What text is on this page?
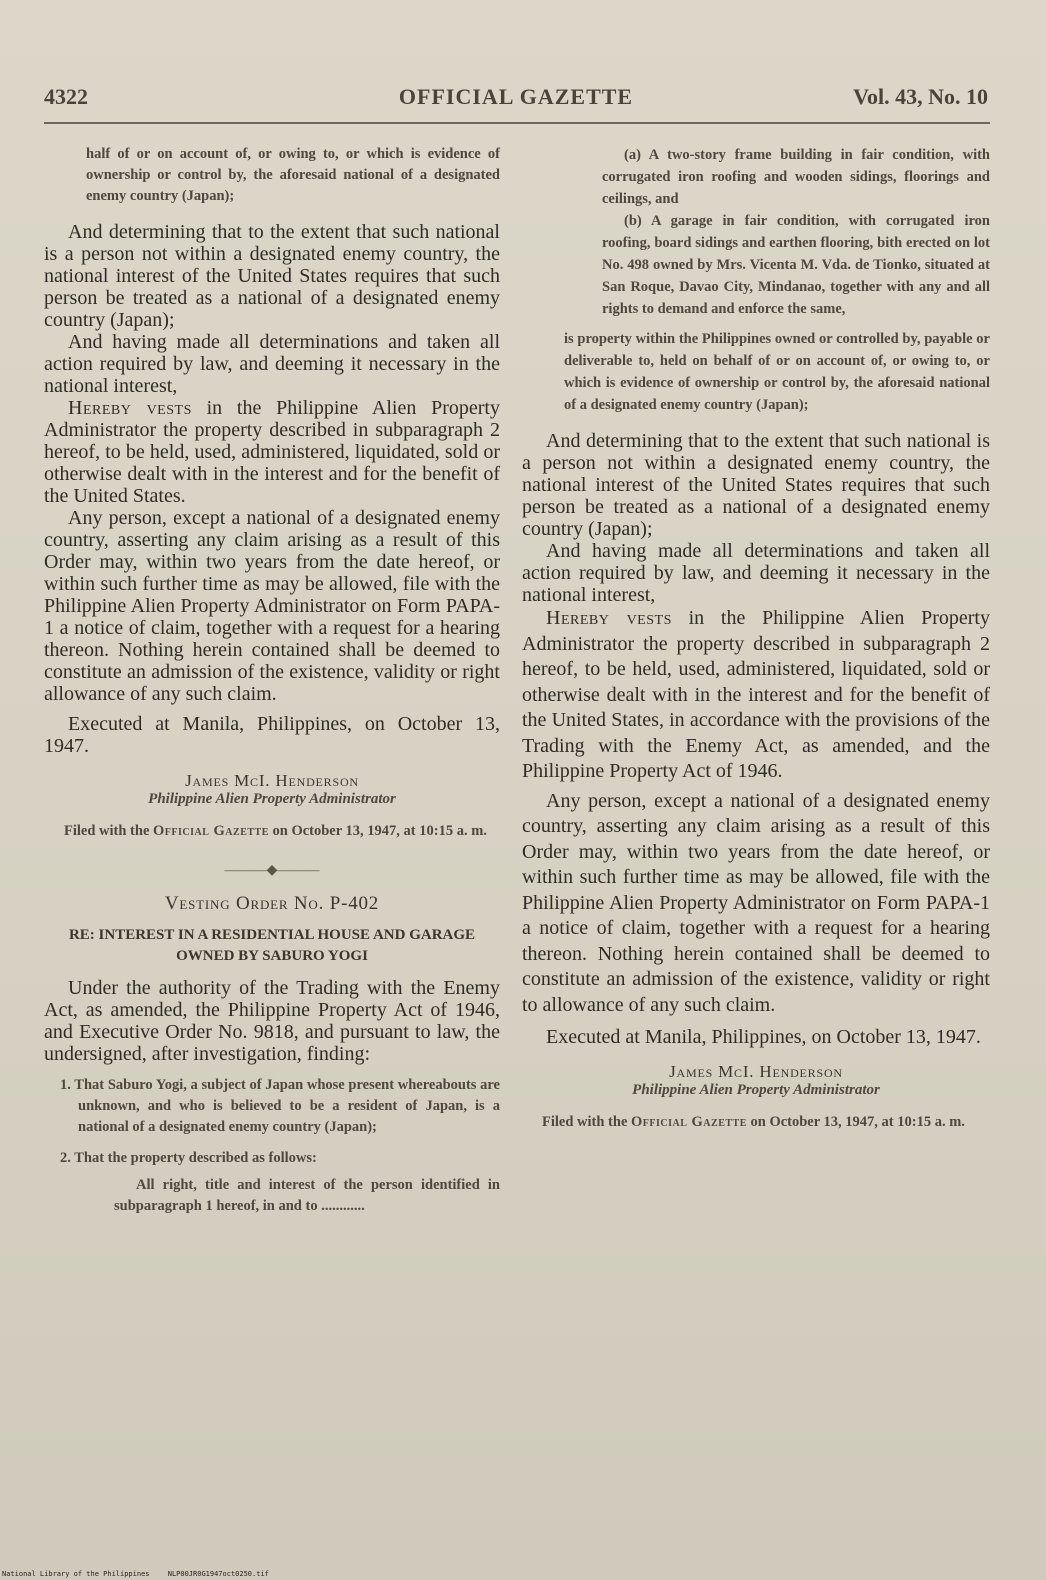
4322	OFFICIAL GAZETTE	Vol. 43, No. 10

half of or on account of, or owing to, or which is evidence of ownership or control by, the aforesaid national of a designated enemy country (Japan);

And determining that to the extent that such national is a person not within a designated enemy country, the national interest of the United States requires that such person be treated as a national of a designated enemy country (Japan);

And having made all determinations and taken all action required by law, and deeming it necessary in the national interest,

Hereby vests in the Philippine Alien Property Administrator the property described in subparagraph 2 hereof, to be held, used, administered, liquidated, sold or otherwise dealt with in the interest and for the benefit of the United States.

Any person, except a national of a designated enemy country, asserting any claim arising as a result of this Order may, within two years from the date hereof, or within such further time as may be allowed, file with the Philippine Alien Property Administrator on Form PAPA-1 a notice of claim, together with a request for a hearing thereon. Nothing herein contained shall be deemed to constitute an admission of the existence, validity or right allowance of any such claim.

Executed at Manila, Philippines, on October 13, 1947.

James McI. Henderson
Philippine Alien Property Administrator

Filed with the Official Gazette on October 13, 1947, at 10:15 a. m.

———◆———
Vesting Order No. P-402
RE: INTEREST IN A RESIDENTIAL HOUSE AND GARAGE OWNED BY SABURO YOGI

Under the authority of the Trading with the Enemy Act, as amended, the Philippine Property Act of 1946, and Executive Order No. 9818, and pursuant to law, the undersigned, after investigation, finding:

1. That Saburo Yogi, a subject of Japan whose present whereabouts are unknown, and who is believed to be a resident of Japan, is a national of a designated enemy country (Japan);

2. That the property described as follows:

All right, title and interest of the person identified in subparagraph 1 hereof, in and to ............

(a) A two-story frame building in fair condition, with corrugated iron roofing and wooden sidings, floorings and ceilings, and

(b) A garage in fair condition, with corrugated iron roofing, board sidings and earthen flooring, bith erected on lot No. 498 owned by Mrs. Vicenta M. Vda. de Tionko, situated at San Roque, Davao City, Mindanao, together with any and all rights to demand and enforce the same,

is property within the Philippines owned or controlled by, payable or deliverable to, held on behalf of or on account of, or owing to, or which is evidence of ownership or control by, the aforesaid national of a designated enemy country (Japan);

And determining that to the extent that such national is a person not within a designated enemy country, the national interest of the United States requires that such person be treated as a national of a designated enemy country (Japan);

And having made all determinations and taken all action required by law, and deeming it necessary in the national interest,

Hereby vests in the Philippine Alien Property Administrator the property described in subparagraph 2 hereof, to be held, used, administered, liquidated, sold or otherwise dealt with in the interest and for the benefit of the United States, in accordance with the provisions of the Trading with the Enemy Act, as amended, and the Philippine Property Act of 1946.

Any person, except a national of a designated enemy country, asserting any claim arising as a result of this Order may, within two years from the date hereof, or within such further time as may be allowed, file with the Philippine Alien Property Administrator on Form PAPA-1 a notice of claim, together with a request for a hearing thereon. Nothing herein contained shall be deemed to constitute an admission of the existence, validity or right to allowance of any such claim.

Executed at Manila, Philippines, on October 13, 1947.

James McI. Henderson
Philippine Alien Property Administrator

Filed with the Official Gazette on October 13, 1947, at 10:15 a. m.

National Library of the Philippines	NLP00JR0G1947oct0250.tif
